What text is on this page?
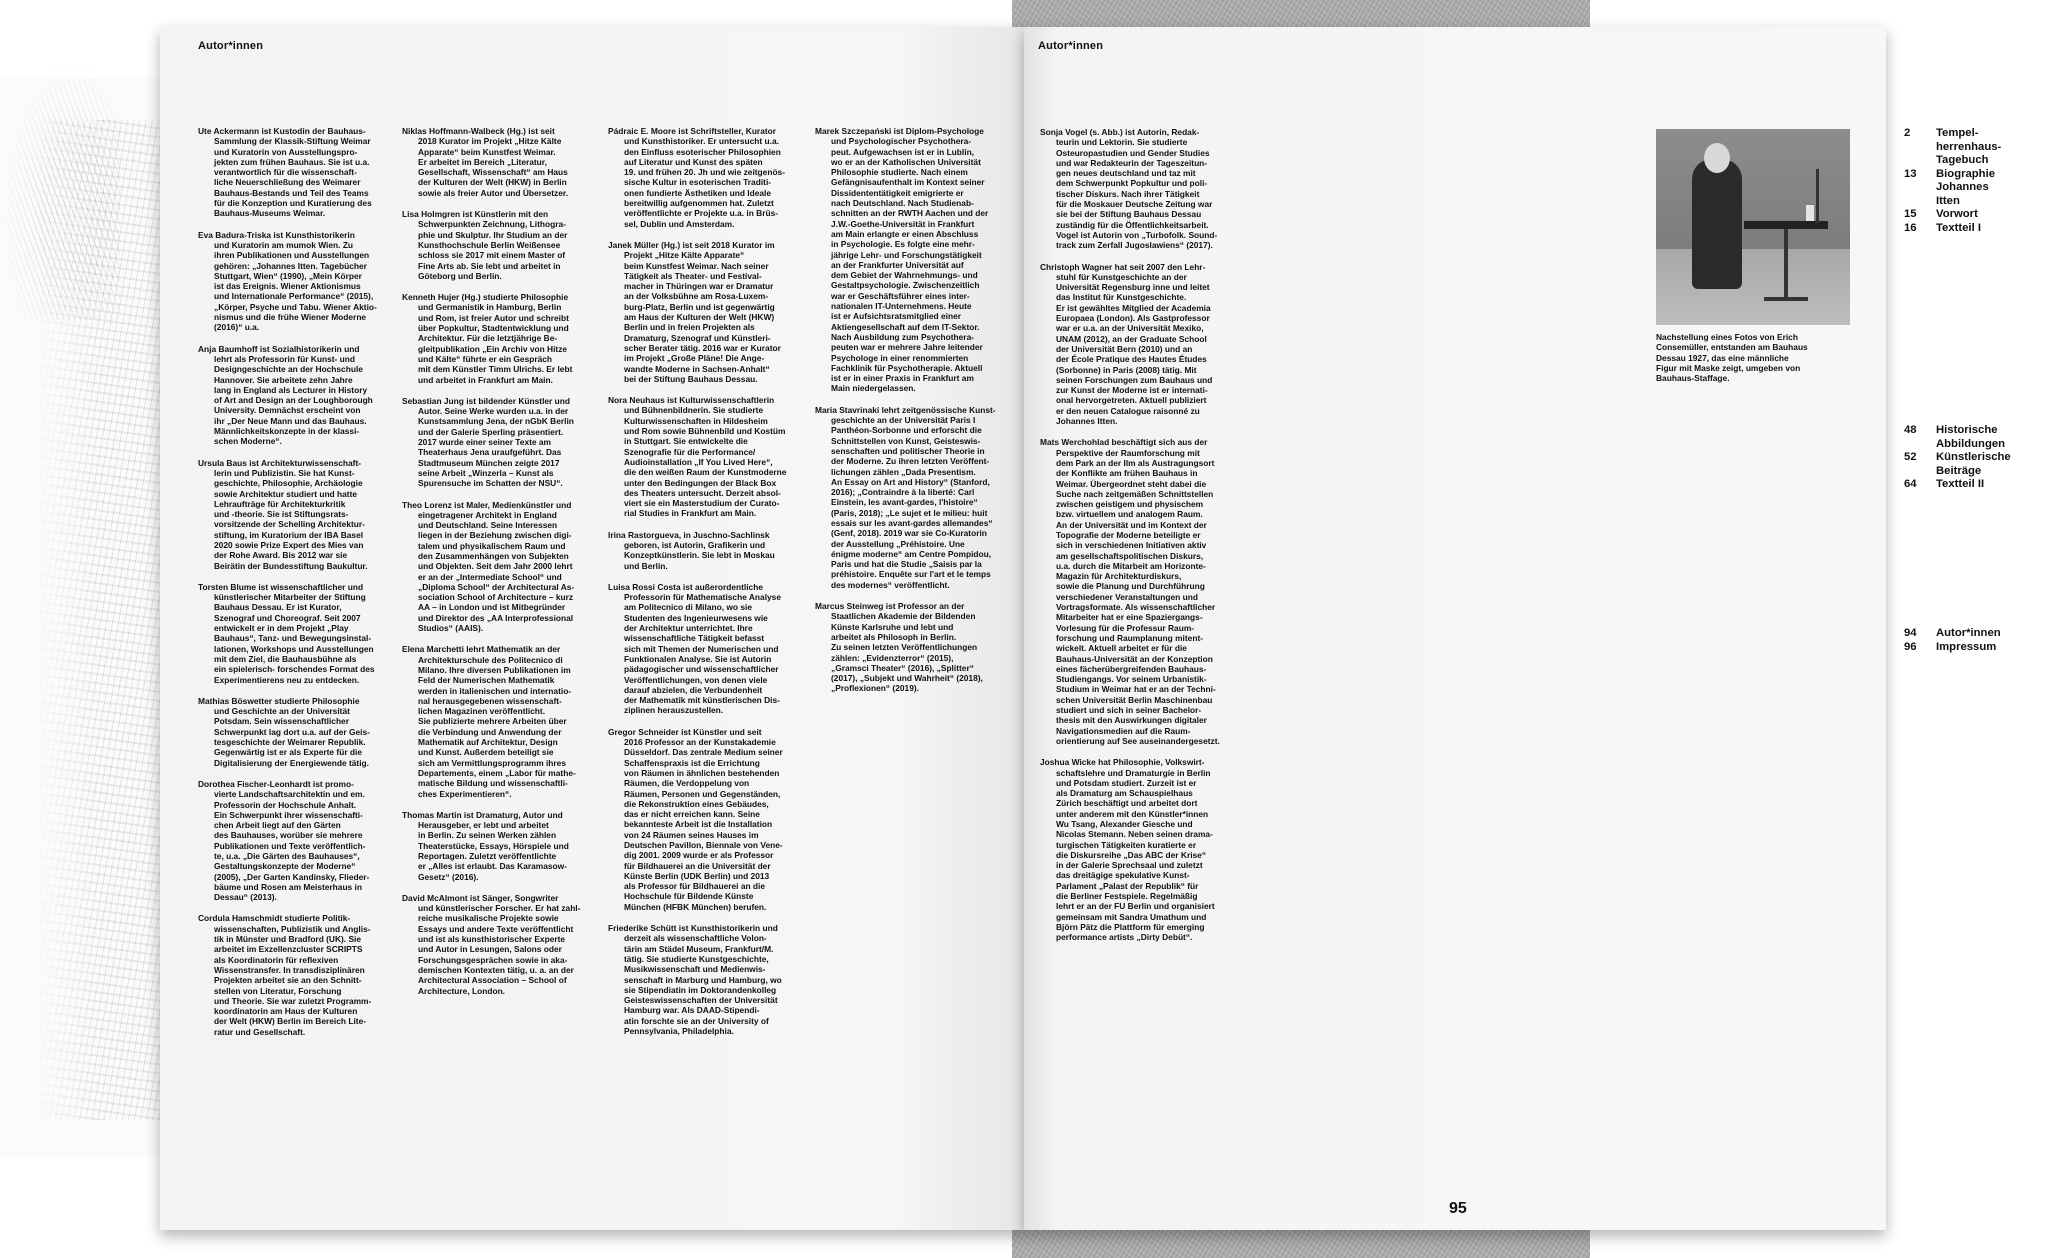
Autor*innen
Ute Ackermann ist Kustodin der Bauhaus-
Sammlung der Klassik-Stiftung Weimar
und Kuratorin von Ausstellungspro-
jekten zum frühen Bauhaus. Sie ist u.a.
verantwortlich für die wissenschaft-
liche Neuerschließung des Weimarer
Bauhaus-Bestands und Teil des Teams
für die Konzeption und Kuratierung des
Bauhaus-Museums Weimar.
Eva Badura-Triska ist Kunsthistorikerin
und Kuratorin am mumok Wien. Zu
ihren Publikationen und Ausstellungen
gehören: „Johannes Itten. Tagebücher
Stuttgart, Wien“ (1990), „Mein Körper
ist das Ereignis. Wiener Aktionismus
und Internationale Performance“ (2015),
„Körper, Psyche und Tabu. Wiener Aktio-
nismus und die frühe Wiener Moderne
(2016)“ u.a.
Anja Baumhoff ist Sozialhistorikerin und
lehrt als Professorin für Kunst- und
Designgeschichte an der Hochschule
Hannover. Sie arbeitete zehn Jahre
lang in England als Lecturer in History
of Art and Design an der Loughborough
University. Demnächst erscheint von
ihr „Der Neue Mann und das Bauhaus.
Männlichkeitskonzepte in der klassi-
schen Moderne“.
Ursula Baus ist Architekturwissenschaft-
lerin und Publizistin. Sie hat Kunst-
geschichte, Philosophie, Archäologie
sowie Architektur studiert und hatte
Lehraufträge für Architekturkritik
und -theorie. Sie ist Stiftungsrats-
vorsitzende der Schelling Architektur-
stiftung, im Kuratorium der IBA Basel
2020 sowie Prize Expert des Mies van
der Rohe Award. Bis 2012 war sie
Beirätin der Bundesstiftung Baukultur.
Torsten Blume ist wissenschaftlicher und
künstlerischer Mitarbeiter der Stiftung
Bauhaus Dessau. Er ist Kurator,
Szenograf und Choreograf. Seit 2007
entwickelt er in dem Projekt „Play
Bauhaus“, Tanz- und Bewegungsinstal-
lationen, Workshops und Ausstellungen
mit dem Ziel, die Bauhausbühne als
ein spielerisch- forschendes Format des
Experimentierens neu zu entdecken.
Mathias Böswetter studierte Philosophie
und Geschichte an der Universität
Potsdam. Sein wissenschaftlicher
Schwerpunkt lag dort u.a. auf der Geis-
tesgeschichte der Weimarer Republik.
Gegenwärtig ist er als Experte für die
Digitalisierung der Energiewende tätig.
Dorothea Fischer-Leonhardt ist promo-
vierte Landschaftsarchitektin und em.
Professorin der Hochschule Anhalt.
Ein Schwerpunkt ihrer wissenschafti-
chen Arbeit liegt auf den Gärten
des Bauhauses, worüber sie mehrere
Publikationen und Texte veröffentlich-
te, u.a. „Die Gärten des Bauhauses“,
Gestaltungskonzepte der Moderne“
(2005), „Der Garten Kandinsky, Flieder-
bäume und Rosen am Meisterhaus in
Dessau“ (2013).
Cordula Hamschmidt studierte Politik-
wissenschaften, Publizistik und Anglis-
tik in Münster und Bradford (UK). Sie
arbeitet im Exzellenzcluster SCRIPTS
als Koordinatorin für reflexiven
Wissenstransfer. In transdisziplinären
Projekten arbeitet sie an den Schnitt-
stellen von Literatur, Forschung
und Theorie. Sie war zuletzt Programm-
koordinatorin am Haus der Kulturen
der Welt (HKW) Berlin im Bereich Lite-
ratur und Gesellschaft.
Niklas Hoffmann-Walbeck (Hg.) ist seit
2018 Kurator im Projekt „Hitze Kälte
Apparate“ beim Kunstfest Weimar.
Er arbeitet im Bereich „Literatur,
Gesellschaft, Wissenschaft“ am Haus
der Kulturen der Welt (HKW) in Berlin
sowie als freier Autor und Übersetzer.
Lisa Holmgren ist Künstlerin mit den
Schwerpunkten Zeichnung, Lithogra-
phie und Skulptur. Ihr Studium an der
Kunsthochschule Berlin Weißensee
schloss sie 2017 mit einem Master of
Fine Arts ab. Sie lebt und arbeitet in
Göteborg und Berlin.
Kenneth Hujer (Hg.) studierte Philosophie
und Germanistik in Hamburg, Berlin
und Rom, ist freier Autor und schreibt
über Popkultur, Stadtentwicklung und
Architektur. Für die letztjährige Be-
gleitpublikation „Ein Archiv von Hitze
und Kälte“ führte er ein Gespräch
mit dem Künstler Timm Ulrichs. Er lebt
und arbeitet in Frankfurt am Main.
Sebastian Jung ist bildender Künstler und
Autor. Seine Werke wurden u.a. in der
Kunstsammlung Jena, der nGbK Berlin
und der Galerie Sperling präsentiert.
2017 wurde einer seiner Texte am
Theaterhaus Jena uraufgeführt. Das
Stadtmuseum München zeigte 2017
seine Arbeit „Winzerla – Kunst als
Spurensuche im Schatten der NSU“.
Theo Lorenz ist Maler, Medienkünstler und
eingetragener Architekt in England
und Deutschland. Seine Interessen
liegen in der Beziehung zwischen digi-
talem und physikalischem Raum und
den Zusammenhängen von Subjekten
und Objekten. Seit dem Jahr 2000 lehrt
er an der „Intermediate School“ und
„Diploma School“ der Architectural As-
sociation School of Architecture – kurz
AA – in London und ist Mitbegründer
und Direktor des „AA Interprofessional
Studios“ (AAIS).
Elena Marchetti lehrt Mathematik an der
Architekturschule des Politecnico di
Milano. Ihre diversen Publikationen im
Feld der Numerischen Mathematik
werden in italienischen und internatio-
nal herausgegebenen wissenschaft-
lichen Magazinen veröffentlicht.
Sie publizierte mehrere Arbeiten über
die Verbindung und Anwendung der
Mathematik auf Architektur, Design
und Kunst. Außerdem beteiligt sie
sich am Vermittlungsprogramm ihres
Departements, einem „Labor für mathe-
matische Bildung und wissenschaftli-
ches Experimentieren“.
Thomas Martin ist Dramaturg, Autor und
Herausgeber, er lebt und arbeitet
in Berlin. Zu seinen Werken zählen
Theaterstücke, Essays, Hörspiele und
Reportagen. Zuletzt veröffentlichte
er „Alles ist erlaubt. Das Karamasow-
Gesetz“ (2016).
David McAlmont ist Sänger, Songwriter
und künstlerischer Forscher. Er hat zahl-
reiche musikalische Projekte sowie
Essays und andere Texte veröffentlicht
und ist als kunsthistorischer Experte
und Autor in Lesungen, Salons oder
Forschungsgesprächen sowie in aka-
demischen Kontexten tätig, u. a. an der
Architectural Association – School of
Architecture, London.
Pádraic E. Moore ist Schriftsteller, Kurator
und Kunsthistoriker. Er untersucht u.a.
den Einfluss esoterischer Philosophien
auf Literatur und Kunst des späten
19. und frühen 20. Jh und wie zeitgenös-
sische Kultur in esoterischen Traditi-
onen fundierte Ästhetiken und Ideale
bereitwillig aufgenommen hat. Zuletzt
veröffentlichte er Projekte u.a. in Brüs-
sel, Dublin und Amsterdam.
Janek Müller (Hg.) ist seit 2018 Kurator im
Projekt „Hitze Kälte Apparate“
beim Kunstfest Weimar. Nach seiner
Tätigkeit als Theater- und Festival-
macher in Thüringen war er Dramatur
an der Volksbühne am Rosa-Luxem-
burg-Platz, Berlin und ist gegenwärtig
am Haus der Kulturen der Welt (HKW)
Berlin und in freien Projekten als
Dramaturg, Szenograf und Künstleri-
scher Berater tätig. 2016 war er Kurator
im Projekt „Große Pläne! Die Ange-
wandte Moderne in Sachsen-Anhalt“
bei der Stiftung Bauhaus Dessau.
Nora Neuhaus ist Kulturwissenschaftlerin
und Bühnenbildnerin. Sie studierte
Kulturwissenschaften in Hildesheim
und Rom sowie Bühnenbild und Kostüm
in Stuttgart. Sie entwickelte die
Szenografie für die Performance/
Audioinstallation „If You Lived Here“,
die den weißen Raum der Kunstmoderne
unter den Bedingungen der Black Box
des Theaters untersucht. Derzeit absol-
viert sie ein Masterstudium der Curato-
rial Studies in Frankfurt am Main.
Irina Rastorgueva, in Juschno-Sachlinsk
geboren, ist Autorin, Grafikerin und
Konzeptkünstlerin. Sie lebt in Moskau
und Berlin.
Luisa Rossi Costa ist außerordentliche
Professorin für Mathematische Analyse
am Politecnico di Milano, wo sie
Studenten des Ingenieurwesens wie
der Architektur unterrichtet. Ihre
wissenschaftliche Tätigkeit befasst
sich mit Themen der Numerischen und
Funktionalen Analyse. Sie ist Autorin
pädagogischer und wissenschaftlicher
Veröffentlichungen, von denen viele
darauf abzielen, die Verbundenheit
der Mathematik mit künstlerischen Dis-
ziplinen herauszustellen.
Gregor Schneider ist Künstler und seit
2016 Professor an der Kunstakademie
Düsseldorf. Das zentrale Medium seiner
Schaffenspraxis ist die Errichtung
von Räumen in ähnlichen bestehenden
Räumen, die Verdoppelung von
Räumen, Personen und Gegenständen,
die Rekonstruktion eines Gebäudes,
das er nicht erreichen kann. Seine
bekannteste Arbeit ist die Installation
von 24 Räumen seines Hauses im
Deutschen Pavillon, Biennale von Vene-
dig 2001. 2009 wurde er als Professor
für Bildhauerei an die Universität der
Künste Berlin (UDK Berlin) und 2013
als Professor für Bildhauerei an die
Hochschule für Bildende Künste
München (HFBK München) berufen.
Friederike Schütt ist Kunsthistorikerin und
derzeit als wissenschaftliche Volon-
tärin am Städel Museum, Frankfurt/M.
tätig. Sie studierte Kunstgeschichte,
Musikwissenschaft und Medienwis-
senschaft in Marburg und Hamburg, wo
sie Stipendiatin im Doktorandenkolleg
Geisteswissenschaften der Universität
Hamburg war. Als DAAD-Stipendi-
atin forschte sie an der University of
Pennsylvania, Philadelphia.
Marek Szczepański ist Diplom-Psychologe
und Psychologischer Psychothera-
peut. Aufgewachsen ist er in Lublin,
wo er an der Katholischen Universität
Philosophie studierte. Nach einem
Gefängnisaufenthalt im Kontext seiner
Dissidententätigkeit emigrierte er
nach Deutschland. Nach Studienab-
schnitten an der RWTH Aachen und der
J.W.-Goethe-Universität in Frankfurt
am Main erlangte er einen Abschluss
in Psychologie. Es folgte eine mehr-
jährige Lehr- und Forschungstätigkeit
an der Frankfurter Universität auf
dem Gebiet der Wahrnehmungs- und
Gestaltpsychologie. Zwischenzeitlich
war er Geschäftsführer eines inter-
nationalen IT-Unternehmens. Heute
ist er Aufsichtsratsmitglied einer
Aktiengesellschaft auf dem IT-Sektor.
Nach Ausbildung zum Psychothera-
peuten war er mehrere Jahre leitender
Psychologe in einer renommierten
Fachklinik für Psychotherapie. Aktuell
ist er in einer Praxis in Frankfurt am
Main niedergelassen.
Maria Stavrinaki lehrt zeitgenössische Kunst-
geschichte an der Universität Paris I
Panthéon-Sorbonne und erforscht die
Schnittstellen von Kunst, Geisteswis-
senschaften und politischer Theorie in
der Moderne. Zu ihren letzten Veröffent-
lichungen zählen „Dada Presentism.
An Essay on Art and History“ (Stanford,
2016); „Contraindre à la liberté: Carl
Einstein, les avant-gardes, l'histoire“
(Paris, 2018); „Le sujet et le milieu: huit
essais sur les avant-gardes allemandes“
(Genf, 2018). 2019 war sie Co-Kuratorin
der Ausstellung „Préhistoire. Une
énigme moderne“ am Centre Pompidou,
Paris und hat die Studie „Saisis par la
préhistoire. Enquête sur l'art et le temps
des modernes“ veröffentlicht.
Marcus Steinweg ist Professor an der
Staatlichen Akademie der Bildenden
Künste Karlsruhe und lebt und
arbeitet als Philosoph in Berlin.
Zu seinen letzten Veröffentlichungen
zählen: „Evidenzterror“ (2015),
„Gramsci Theater“ (2016), „Splitter“
(2017), „Subjekt und Wahrheit“ (2018),
„Proflexionen“ (2019).
Autor*innen
Sonja Vogel (s. Abb.) ist Autorin, Redak-
teurin und Lektorin. Sie studierte
Osteuropastudien und Gender Studies
und war Redakteurin der Tageszeitun-
gen neues deutschland und taz mit
dem Schwerpunkt Popkultur und poli-
tischer Diskurs. Nach ihrer Tätigkeit
für die Moskauer Deutsche Zeitung war
sie bei der Stiftung Bauhaus Dessau
zuständig für die Öffentlichkeitsarbeit.
Vogel ist Autorin von „Turbofolk. Sound-
track zum Zerfall Jugoslawiens“ (2017).
Christoph Wagner hat seit 2007 den Lehr-
stuhl für Kunstgeschichte an der
Universität Regensburg inne und leitet
das Institut für Kunstgeschichte.
Er ist gewähltes Mitglied der Academia
Europaea (London). Als Gastprofessor
war er u.a. an der Universität Mexiko,
UNAM (2012), an der Graduate School
der Universität Bern (2010) und an
der École Pratique des Hautes Études
(Sorbonne) in Paris (2008) tätig. Mit
seinen Forschungen zum Bauhaus und
zur Kunst der Moderne ist er internati-
onal hervorgetreten. Aktuell publiziert
er den neuen Catalogue raisonné zu
Johannes Itten.
Mats Werchohlad beschäftigt sich aus der
Perspektive der Raumforschung mit
dem Park an der Ilm als Austragungsort
der Konflikte am frühen Bauhaus in
Weimar. Übergeordnet steht dabei die
Suche nach zeitgemäßen Schnittstellen
zwischen geistigem und physischem
bzw. virtuellem und analogem Raum.
An der Universität und im Kontext der
Topografie der Moderne beteiligte er
sich in verschiedenen Initiativen aktiv
am gesellschaftspolitischen Diskurs,
u.a. durch die Mitarbeit am Horizonte-
Magazin für Architekturdiskurs,
sowie die Planung und Durchführung
verschiedener Veranstaltungen und
Vortragsformate. Als wissenschaftlicher
Mitarbeiter hat er eine Spaziergangs-
Vorlesung für die Professur Raum-
forschung und Raumplanung mitent-
wickelt. Aktuell arbeitet er für die
Bauhaus-Universität an der Konzeption
eines fächerübergreifenden Bauhaus-
Studiengangs. Vor seinem Urbanistik-
Studium in Weimar hat er an der Techni-
schen Universität Berlin Maschinenbau
studiert und sich in seiner Bachelor-
thesis mit den Auswirkungen digitaler
Navigationsmedien auf die Raum-
orientierung auf See auseinandergesetzt.
Joshua Wicke hat Philosophie, Volkswirt-
schaftslehre und Dramaturgie in Berlin
und Potsdam studiert. Zurzeit ist er
als Dramaturg am Schauspielhaus
Zürich beschäftigt und arbeitet dort
unter anderem mit den Künstler*innen
Wu Tsang, Alexander Giesche und
Nicolas Stemann. Neben seinen drama-
turgischen Tätigkeiten kuratierte er
die Diskursreihe „Das ABC der Krise“
in der Galerie Sprechsaal und zuletzt
das dreitägige spekulative Kunst-
Parlament „Palast der Republik“ für
die Berliner Festspiele. Regelmäßig
lehrt er an der FU Berlin und organisiert
gemeinsam mit Sandra Umathum und
Björn Pätz die Plattform für emerging
performance artists „Dirty Debüt“.
Nachstellung eines Fotos von Erich
Consemüller, entstanden am Bauhaus
Dessau 1927, das eine männliche
Figur mit Maske zeigt, umgeben von
Bauhaus-Staffage.
2	Tempel-
herrenhaus-
Tagebuch
13	Biographie
Johannes Itten
15	Vorwort
16	Textteil I
48	Historische
Abbildungen
52	Künstlerische
Beiträge
64	Textteil II
94	Autor*innen
96	Impressum
95
